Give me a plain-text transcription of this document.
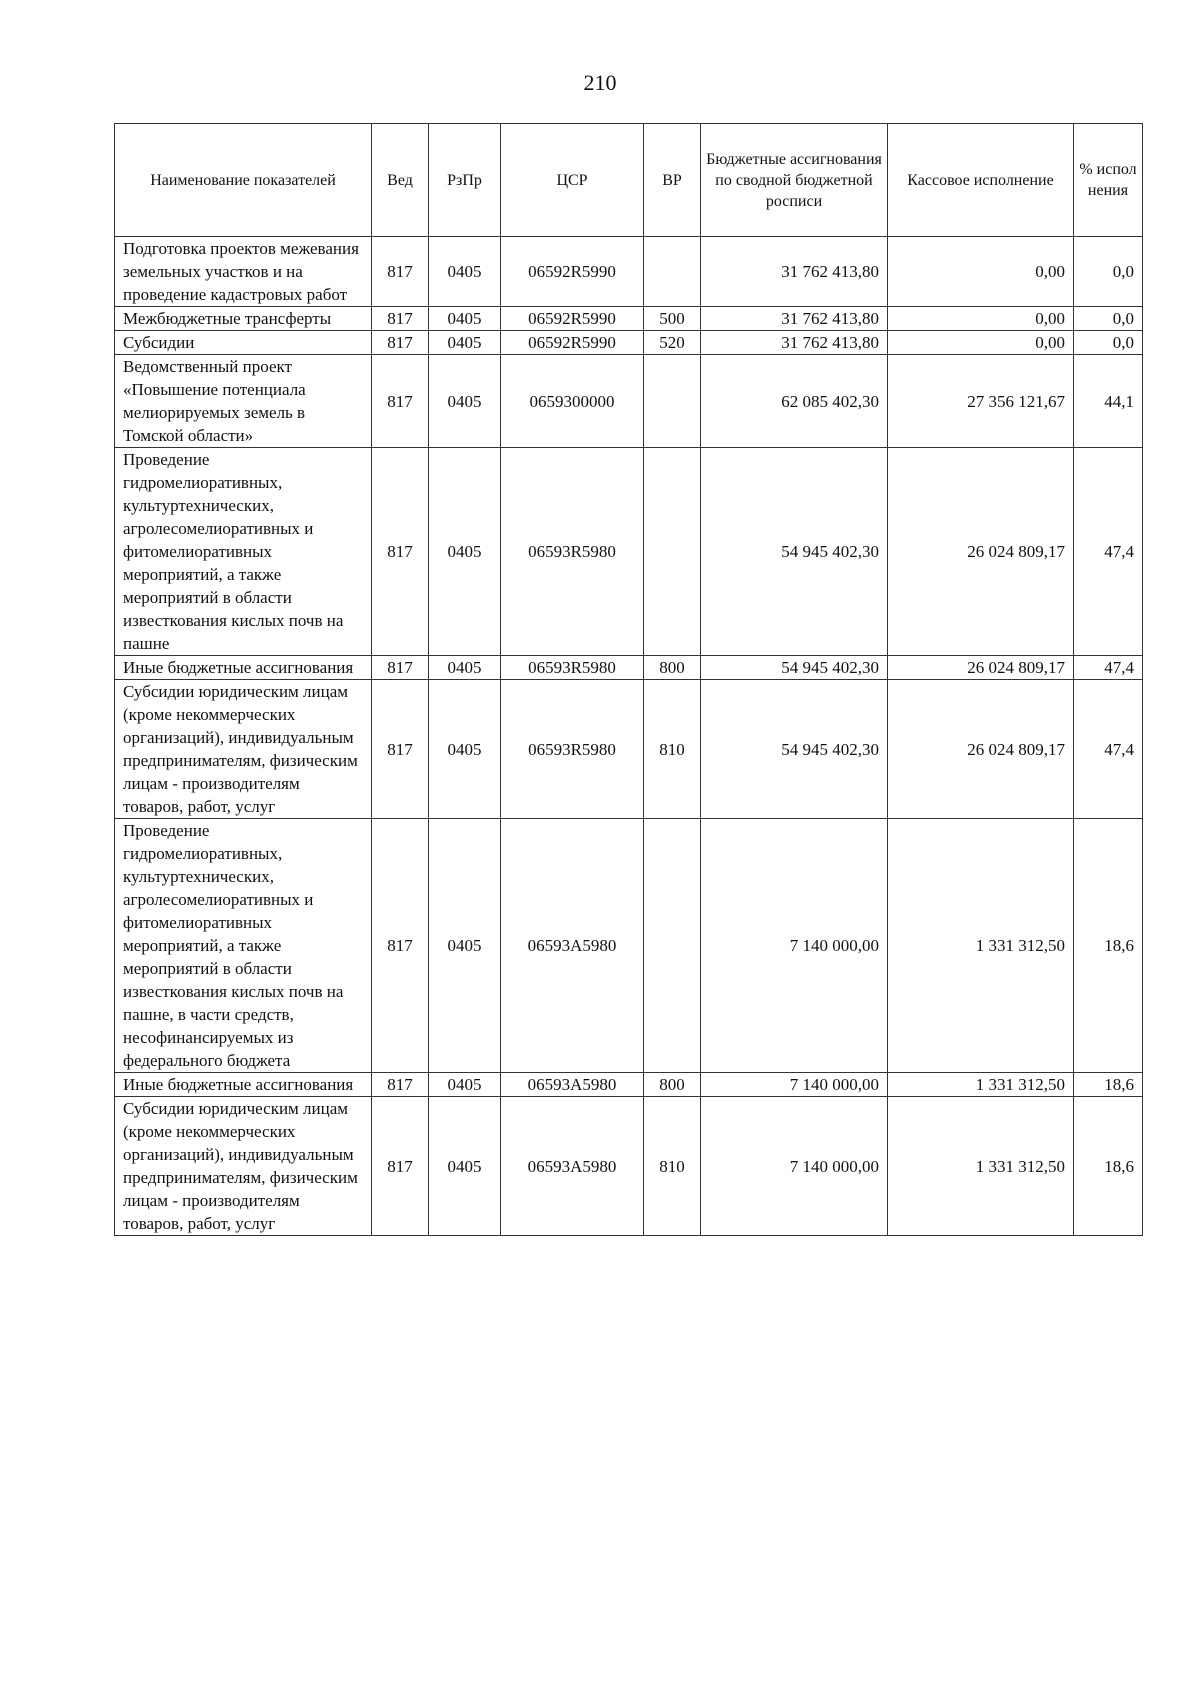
210
Наименование показателей	Вед	РзПр	ЦСР	ВР	Бюджетные ассигнования по сводной бюджетной росписи	Кассовое исполнение	% испол нения
Подготовка проектов межевания земельных участков и на проведение кадастровых работ	817	0405	06592R5990		31 762 413,80	0,00	0,0
Межбюджетные трансферты	817	0405	06592R5990	500	31 762 413,80	0,00	0,0
Субсидии	817	0405	06592R5990	520	31 762 413,80	0,00	0,0
Ведомственный проект «Повышение потенциала мелиорируемых земель в Томской области»	817	0405	0659300000		62 085 402,30	27 356 121,67	44,1
Проведение гидромелиоративных, культуртехнических, агролесомелиоративных и фитомелиоративных мероприятий, а также мероприятий в области известкования кислых почв на пашне	817	0405	06593R5980		54 945 402,30	26 024 809,17	47,4
Иные бюджетные ассигнования	817	0405	06593R5980	800	54 945 402,30	26 024 809,17	47,4
Субсидии юридическим лицам (кроме некоммерческих организаций), индивидуальным предпринимателям, физическим лицам - производителям товаров, работ, услуг	817	0405	06593R5980	810	54 945 402,30	26 024 809,17	47,4
Проведение гидромелиоративных, культуртехнических, агролесомелиоративных и фитомелиоративных мероприятий, а также мероприятий в области известкования кислых почв на пашне, в части средств, несофинансируемых из федерального бюджета	817	0405	06593А5980		7 140 000,00	1 331 312,50	18,6
Иные бюджетные ассигнования	817	0405	06593А5980	800	7 140 000,00	1 331 312,50	18,6
Субсидии юридическим лицам (кроме некоммерческих организаций), индивидуальным предпринимателям, физическим лицам - производителям товаров, работ, услуг	817	0405	06593А5980	810	7 140 000,00	1 331 312,50	18,6
